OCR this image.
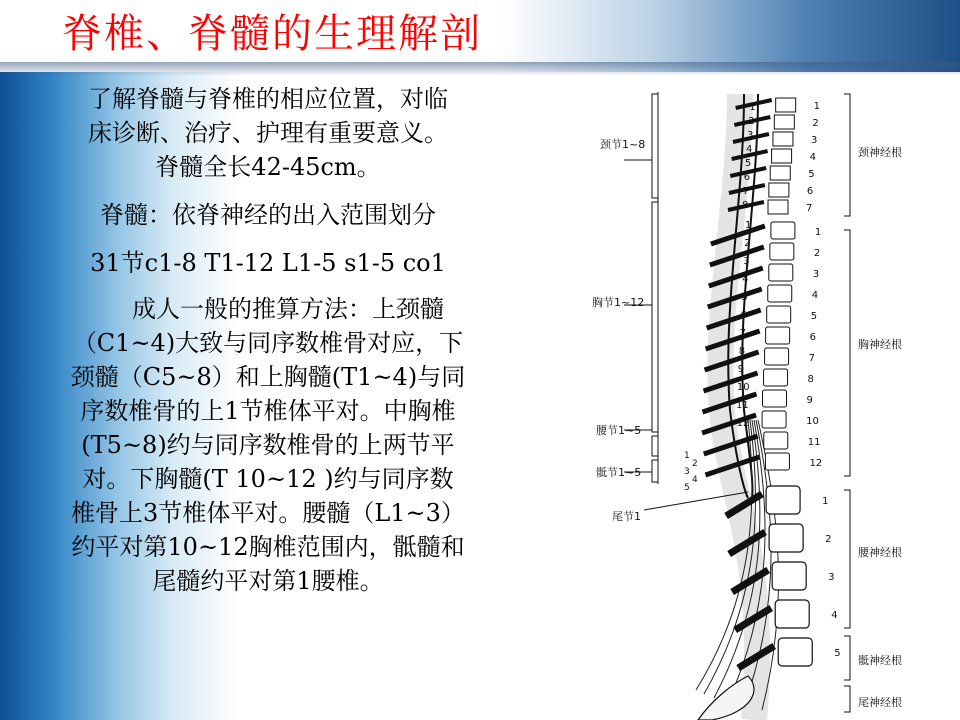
脊椎、脊髓的生理解剖

了解脊髓与脊椎的相应位置，对临

床诊断、治疗、护理有重要意义。

脊髓全长42-45cm。

脊髓：依脊神经的出入范围划分

31节c1-8 T1-12 L1-5 s1-5 co1

成人一般的推算方法：上颈髓

（C1~4)大致与同序数椎骨对应，下

颈髓（C5~8）和上胸髓(T1~4)与同

序数椎骨的上1节椎体平对。中胸椎

(T5~8)约与同序数椎骨的上两节平

对。下胸髓(T 10~12 )约与同序数

椎骨上3节椎体平对。腰髓（L1~3）

约平对第10~12胸椎范围内，骶髓和

尾髓约平对第1腰椎。

1
2
3
4
5
6
7
1
2
3
4
5
6
7
8
1
2
3
4
5
6
7
8
9
10
11
12
1
2
3
4
5
6
7
8
9
10
11
12
1
2
3
4
5
1
2
3
4
5
颈节1~8
胸节1~12
腰节1~5
骶节1~5
尾节1
颈神经根
胸神经根
腰神经根
骶神经根
尾神经根
